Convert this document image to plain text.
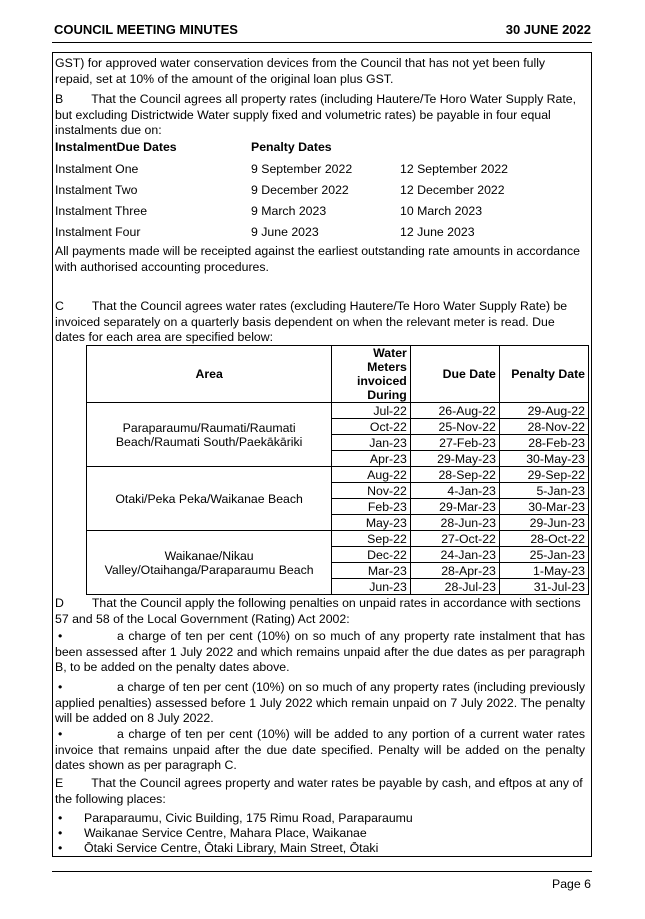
COUNCIL MEETING MINUTES	30 JUNE 2022

GST) for approved water conservation devices from the Council that has not yet been fully repaid, set at 10% of the amount of the original loan plus GST.

B That the Council agrees all property rates (including Hautere/Te Horo Water Supply Rate, but excluding Districtwide Water supply fixed and volumetric rates) be payable in four equal instalments due on:

InstalmentDue Dates	Penalty Dates
Instalment One	9 September 2022	12 September 2022
Instalment Two	9 December 2022	12 December 2022
Instalment Three	9 March 2023	10 March 2023
Instalment Four	9 June 2023	12 June 2023

All payments made will be receipted against the earliest outstanding rate amounts in accordance with authorised accounting procedures.

C That the Council agrees water rates (excluding Hautere/Te Horo Water Supply Rate) be invoiced separately on a quarterly basis dependent on when the relevant meter is read. Due dates for each area are specified below:

Area	Water Meters invoiced During	Due Date	Penalty Date
Paraparaumu/Raumati/Raumati Beach/Raumati South/Paekākāriki	Jul-22	26-Aug-22	29-Aug-22
	Oct-22	25-Nov-22	28-Nov-22
	Jan-23	27-Feb-23	28-Feb-23
	Apr-23	29-May-23	30-May-23
Otaki/Peka Peka/Waikanae Beach	Aug-22	28-Sep-22	29-Sep-22
	Nov-22	4-Jan-23	5-Jan-23
	Feb-23	29-Mar-23	30-Mar-23
	May-23	28-Jun-23	29-Jun-23
Waikanae/Nikau Valley/Otaihanga/Paraparaumu Beach	Sep-22	27-Oct-22	28-Oct-22
	Dec-22	24-Jan-23	25-Jan-23
	Mar-23	28-Apr-23	1-May-23
	Jun-23	28-Jul-23	31-Jul-23

D That the Council apply the following penalties on unpaid rates in accordance with sections 57 and 58 of the Local Government (Rating) Act 2002:

•	a charge of ten per cent (10%) on so much of any property rate instalment that has been assessed after 1 July 2022 and which remains unpaid after the due dates as per paragraph B, to be added on the penalty dates above.
•	a charge of ten per cent (10%) on so much of any property rates (including previously applied penalties) assessed before 1 July 2022 which remain unpaid on 7 July 2022. The penalty will be added on 8 July 2022.
•	a charge of ten per cent (10%) will be added to any portion of a current water rates invoice that remains unpaid after the due date specified. Penalty will be added on the penalty dates shown as per paragraph C.

E That the Council agrees property and water rates be payable by cash, and eftpos at any of the following places:

• Paraparaumu, Civic Building, 175 Rimu Road, Paraparaumu
• Waikanae Service Centre, Mahara Place, Waikanae
• Ōtaki Service Centre, Ōtaki Library, Main Street, Ōtaki
Page 6
